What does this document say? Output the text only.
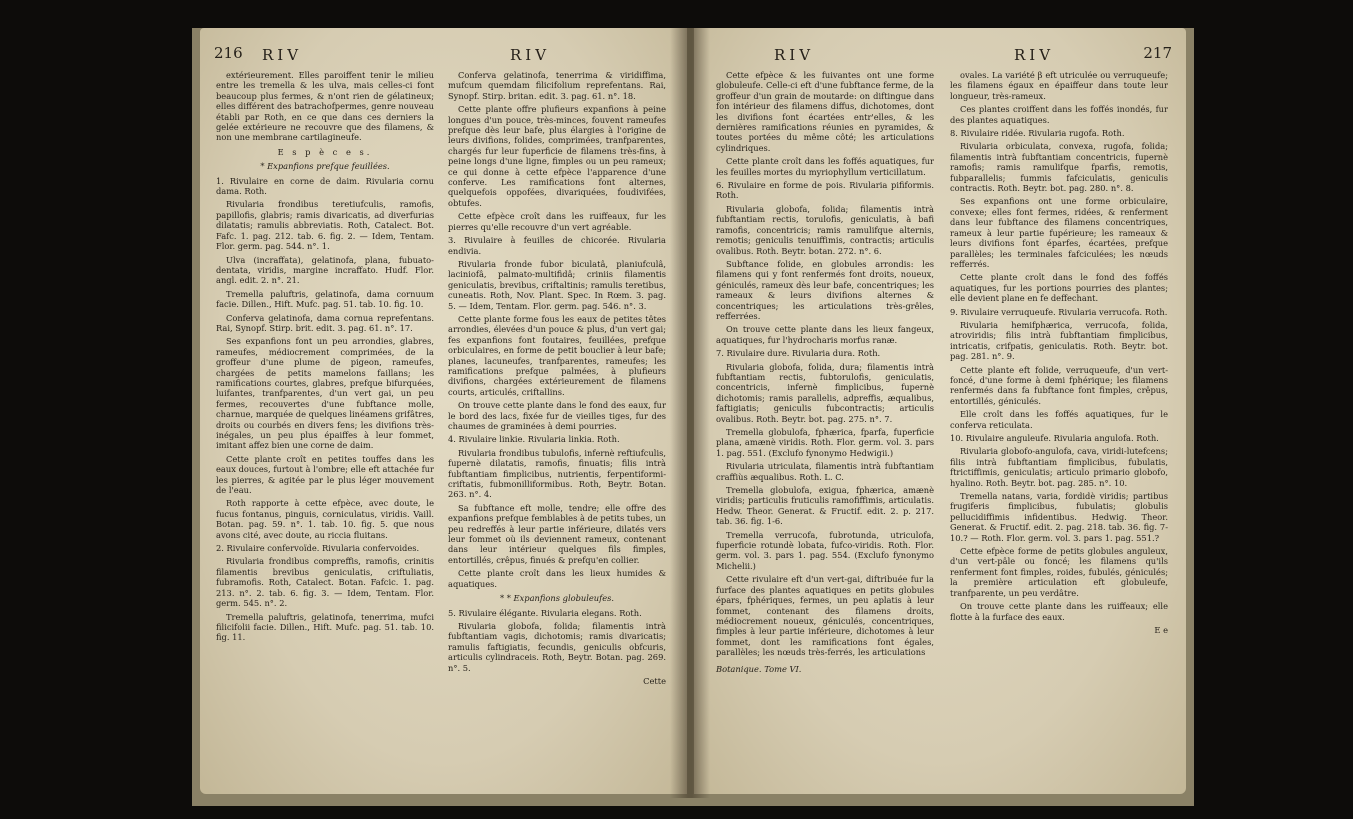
216 RIV	RIV

extérieurement. Elles paroiffent tenir le milieu entre les tremella & les ulva, mais celles-ci font beaucoup plus fermes, & n'ont rien de gélatineux; elles différent des batrachofpermes, genre nouveau établi par Roth, en ce que dans ces derniers la gelée extérieure ne recouvre que des filamens, & non une membrane cartilagineufe.

E s p è c e s.

* Expanfions prefque feuillées.

1. Rivulaire en corne de daim. Rivularia cornu dama. Roth.

Rivularia frondibus teretiufculis, ramofis, papillofis, glabris; ramis divaricatis, ad diverfurias dilatatis; ramulis abbreviatis. Roth, Catalect. Bot. Fafc. 1. pag. 212. tab. 6. fig. 2. — Idem, Tentam. Flor. germ. pag. 544. n°. 1.

Ulva (incraffata), gelatinofa, plana, fubuato-dentata, viridis, margine incraffato. Hudf. Flor. angl. edit. 2. n°. 21.

Tremella paluftris, gelatinofa, dama cornuum facie. Dillen., Hift. Mufc. pag. 51. tab. 10. fig. 10.

Conferva gelatinofa, dama cornua reprefentans. Rai, Synopf. Stirp. brit. edit. 3. pag. 61. n°. 17.

Ses expanfions font un peu arrondies, glabres, rameufes, médiocrement comprimées, de la groffeur d'une plume de pigeon, rameufes, chargées de petits mamelons faillans; les ramifications courtes, glabres, prefque bifurquées, luifantes, tranfparentes, d'un vert gai, un peu fermes, recouvertes d'une fubftance molle, charnue, marquée de quelques linéamens grifâtres, droits ou courbés en divers fens; les divifions très-inégales, un peu plus épaiffes à leur fommet, imitant affez bien une corne de daim.

Cette plante croît en petites touffes dans les eaux douces, furtout à l'ombre; elle eft attachée fur les pierres, & agitée par le plus léger mouvement de l'eau.

Roth rapporte à cette efpèce, avec doute, le fucus fontanus, pinguis, corniculatus, viridis. Vaill. Botan. pag. 59. n°. 1. tab. 10. fig. 5. que nous avons cité, avec doute, au riccia fluitans.

2. Rivulaire confervoïde. Rivularia confervoides.

Rivularia frondibus compreffis, ramofis, crinitis filamentis brevibus geniculatis, criftuliatis, fubramofis. Roth, Catalect. Botan. Fafcic. 1. pag. 213. n°. 2. tab. 6. fig. 3. — Idem, Tentam. Flor. germ. 545. n°. 2.

Tremella paluftris, gelatinofa, tenerrima, mufci filicifolii facie. Dillen., Hift. Mufc. pag. 51. tab. 10. fig. 11.

Conferva gelatinofa, tenerrima & viridiffima, mufcum quemdam filicifolium reprefentans. Rai, Synopf. Stirp. britan. edit. 3. pag. 61. n°. 18.

Cette plante offre plufieurs expanfions à peine longues d'un pouce, très-minces, fouvent rameufes prefque dès leur bafe, plus élargies à l'origine de leurs divifions, folides, comprimées, tranfparentes, chargés fur leur fuperficie de filamens très-fins, à peine longs d'une ligne, fimples ou un peu rameux; ce qui donne à cette efpèce l'apparence d'une conferve. Les ramifications font alternes, quelquefois oppofées, divariquées, foudivifées, obtufes.

Cette efpèce croît dans les ruiffeaux, fur les pierres qu'elle recouvre d'un vert agréable.

3. Rivulaire à feuilles de chicorée. Rivularia endivia.

Rivularia fronde fubor biculatâ, planiufculâ, laciniofâ, palmato-multifidâ; criniis filamentis geniculatis, brevibus, criftaltinis; ramulis teretibus, cuneatis. Roth, Nov. Plant. Spec. In Rœm. 3. pag. 5. — Idem, Tentam. Flor. germ. pag. 546. n°. 3.

Cette plante forme fous les eaux de petites têtes arrondies, élevées d'un pouce & plus, d'un vert gai; fes expanfions font foutaires, feuillées, prefque orbiculaires, en forme de petit bouclier à leur bafe; planes, lacuneufes, tranfparentes, rameufes; les ramifications prefque palmées, à plufieurs divifions, chargées extérieurement de filamens courts, articulés, criftallins.

On trouve cette plante dans le fond des eaux, fur le bord des lacs, fixée fur de vieilles tiges, fur des chaumes de graminées à demi pourries.

4. Rivulaire linkie. Rivularia linkia. Roth.

Rivularia frondibus tubulofis, infernè reftiufculis, fupernè dilatatis, ramofis, finuatis; filis intrà fubftantiam fimplicibus, nutrientis, ferpentiformi-criftatis, fubmonilliformibus. Roth, Beytr. Botan. 263. n°. 4.

Sa fubftance eft molle, tendre; elle offre des expanfions prefque femblables à de petits tubes, un peu redreffés à leur partie inférieure, dilatés vers leur fommet où ils deviennent rameux, contenant dans leur intérieur quelques fils fimples, entortillés, crêpus, finués & prefqu'en collier.

Cette plante croît dans les lieux humides & aquatiques.

* * Expanfions globuleufes.

5. Rivulaire élégante. Rivularia elegans. Roth.

Rivularia globofa, folida; filamentis intrà fubftantiam vagis, dichotomis; ramis divaricatis; ramulis faftigiatis, fecundis, geniculis obfcuris, articulis cylindraceis. Roth, Beytr. Botan. pag. 269. n°. 5.

Cette

RIV	RIV	217

Cette efpèce & les fuivantes ont une forme globuleufe. Celle-ci eft d'une fubftance ferme, de la groffeur d'un grain de moutarde: on diftingue dans fon intérieur des filamens diffus, dichotomes, dont les divifions font écartées entr'elles, & les dernières ramifications réunies en pyramides, & toutes portées du même côté; les articulations cylindriques.

Cette plante croît dans les foffés aquatiques, fur les feuilles mortes du myriophyllum verticillatum.

6. Rivulaire en forme de pois. Rivularia pififormis. Roth.

Rivularia globofa, folida; filamentis intrà fubftantiam rectis, torulofis, geniculatis, à bafi ramofis, concentricis; ramis ramulifque alternis, remotis; geniculis tenuiffimis, contractis; articulis ovalibus. Roth. Beytr. botan. 272. n°. 6.

Subftance folide, en globules arrondis: les filamens qui y font renfermés font droits, noueux, géniculés, rameux dès leur bafe, concentriques; les rameaux & leurs divifions alternes & concentriques; les articulations très-grêles, refferrées.

On trouve cette plante dans les lieux fangeux, aquatiques, fur l'hydrocharis morfus ranæ.

7. Rivulaire dure. Rivularia dura. Roth.

Rivularia globofa, folida, dura; filamentis intrà fubftantiam rectis, fubtorulofis, geniculatis, concentricis, infernè fimplicibus, fupernè dichotomis; ramis parallelis, adpreffis, æqualibus, faftigiatis; geniculis fubcontractis; articulis ovalibus. Roth. Beytr. bot. pag. 275. n°. 7.

Tremella globulofa, fphærica, fparfa, fuperficie plana, amænè viridis. Roth. Flor. germ. vol. 3. pars 1. pag. 551. (Exclufo fynonymo Hedwigii.)

Rivularia utriculata, filamentis intrà fubftantiam craffiùs æqualibus. Roth. L. C.

Tremella globulofa, exigua, fphærica, amænè viridis; particulis fruticulis ramofiffimis, articulatis. Hedw. Theor. Generat. & Fructif. edit. 2. p. 217. tab. 36. fig. 1-6.

Tremella verrucofa, fubrotunda, utriculofa, fuperficie rotundè lobata, fufco-viridis. Roth. Flor. germ. vol. 3. pars 1. pag. 554. (Exclufo fynonymo Michelii.)

Cette rivulaire eft d'un vert-gai, diftribuée fur la furface des plantes aquatiques en petits globules épars, fphériques, fermes, un peu aplatis à leur fommet, contenant des filamens droits, médiocrement noueux, géniculés, concentriques, fimples à leur partie inférieure, dichotomes à leur fommet, dont les ramifications font égales, parallèles; les nœuds très-ferrés, les articulations

Botanique. Tome VI.

ovales. La variété β eft utriculée ou verruqueufe; les filamens égaux en épaiffeur dans toute leur longueur, très-rameux.

Ces plantes croiffent dans les foffés inondés, fur des plantes aquatiques.

8. Rivulaire ridée. Rivularia rugofa. Roth.

Rivularia orbiculata, convexa, rugofa, folida; filamentis intrà fubftantiam concentricis, fupernè ramofis; ramis ramulifque fparfis, remotis, fubparallelis; fummis fafciculatis, geniculis contractis. Roth. Beytr. bot. pag. 280. n°. 8.

Ses expanfions ont une forme orbiculaire, convexe; elles font fermes, ridées, & renferment dans leur fubftance des filamens concentriques, rameux à leur partie fupérieure; les rameaux & leurs divifions font éparfes, écartées, prefque parallèles; les terminales fafciculées; les nœuds refferrés.

Cette plante croît dans le fond des foffés aquatiques, fur les portions pourries des plantes; elle devient plane en fe deffechant.

9. Rivulaire verruqueufe. Rivularia verrucofa. Roth.

Rivularia hemifphærica, verrucofa, folida, atroviridis; filis intrà fubftantiam fimplicibus, intricatis, crifpatis, geniculatis. Roth. Beytr. bot. pag. 281. n°. 9.

Cette plante eft folide, verruqueufe, d'un vert-foncé, d'une forme à demi fphérique; les filamens renfermés dans fa fubftance font fimples, crêpus, entortillés, géniculés.

Elle croît dans les foffés aquatiques, fur le conferva reticulata.

10. Rivulaire anguleufe. Rivularia angulofa. Roth.

Rivularia globofo-angulofa, cava, viridi-lutefcens; filis intrà fubftantiam fimplicibus, fubulatis, ftrictiffimis, geniculatis; articulo primario globofo, hyalino. Roth. Beytr. bot. pag. 285. n°. 10.

Tremella natans, varia, fordidè viridis; partibus frugiferis fimplicibus, fubulatis; globulis pellucidiffimis infidentibus. Hedwig. Theor. Generat. & Fructif. edit. 2. pag. 218. tab. 36. fig. 7-10.? — Roth. Flor. germ. vol. 3. pars 1. pag. 551.?

Cette efpèce forme de petits globules anguleux, d'un vert-pâle ou foncé; les filamens qu'ils renferment font fimples, roides, fubulés, géniculés; la première articulation eft globuleufe, tranfparente, un peu verdâtre.

On trouve cette plante dans les ruiffeaux; elle flotte à la furface des eaux.

E e
